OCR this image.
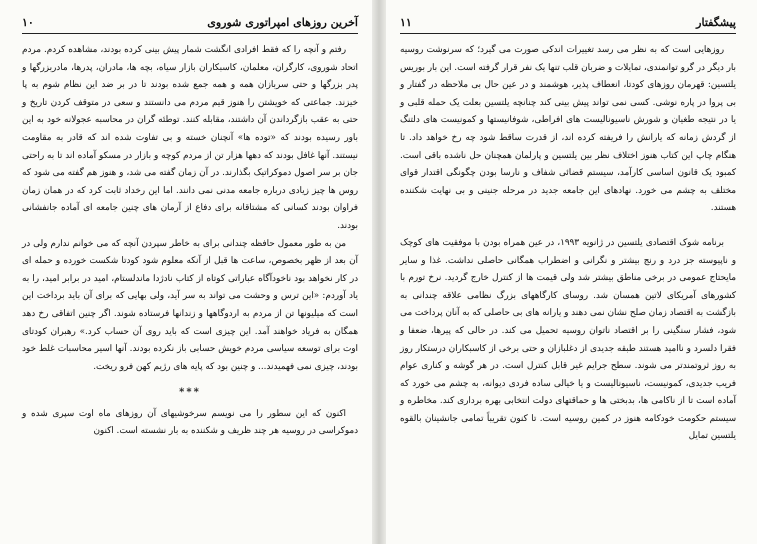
آخرین روزهای امپراتوری شوروی
۱۰

رفتم و آنچه را که فقط افرادی انگشت شمار پیش بینی کرده بودند، مشاهده کردم. مردم اتحاد شوروی، کارگران، معلمان، کاسبکاران بازار سیاه، بچه ها، مادران، پدرها، مادربزرگها و پدر بزرگها و حتی سربازان همه و همه جمع شده بودند تا در بر ضد این نظام شوم به پا خیزند. جماعتی که خویشتن را هنوز قیم مردم می دانستند و سعی در متوقف کردن تاریخ و حتی به عقب بازگرداندن آن داشتند، مقابله کنند. توطئه گران در محاسبه عجولانه خود به این باور رسیده بودند که «توده ها» آنچنان خسته و بی تفاوت شده اند که قادر به مقاومت نیستند. آنها غافل بودند که دهها هزار تن از مردم کوچه و بازار در مسکو آماده اند تا به راحتی جان بر سر اصول دموکراتیک بگذارند. در آن زمان گفته می شد، و هنوز هم گفته می شود که روس ها چیز زیادی درباره جامعه مدنی نمی دانند. اما این رخداد ثابت کرد که در همان زمان فراوان بودند کسانی که مشتاقانه برای دفاع از آرمان های چنین جامعه ای آماده جانفشانی بودند.

من به طور معمول حافظه چندانی برای به خاطر سپردن آنچه که می خوانم ندارم ولی در آن بعد از ظهر بخصوص، ساعت ها قبل از آنکه معلوم شود کودتا شکست خورده و حمله ای در کار نخواهد بود ناخودآگاه عباراتی کوتاه از کتاب نادژدا ماندلستام، امید در برابر امید، را به یاد آوردم: «این ترس و وحشت می تواند به سر آید، ولی بهایی که برای آن باید برداخت این است که میلیونها تن از مردم به اردوگاهها و زندانها فرستاده شوند. اگر چنین اتفاقی رخ دهد همگان به فریاد خواهند آمد. این چیزی است که باید روی آن حساب کرد.» رهبران کودتای اوت برای توسعه سیاسی مردم خویش حسابی باز نکرده بودند. آنها اسیر محاسبات غلط خود بودند، چیزی نمی فهمیدند... و چنین بود که پایه های رژیم کهن فرو ریخت.

***

اکنون که این سطور را می نویسم سرخوشیهای آن روزهای ماه اوت سپری شده و دموکراسی در روسیه هر چند ظریف و شکننده به بار نشسته است. اکنون

پیشگفتار
۱۱

روزهایی است که به نظر می رسد تغییرات اندکی صورت می گیرد؛ که سرنوشت روسیه بار دیگر در گرو توانمندی، تمایلات و ضربان قلب تنها یک نفر قرار گرفته است. این بار بوریس یلتسین: قهرمان روزهای کودتا، انعطاف پذیر، هوشمند و در عین حال بی ملاحظه در گفتار و بی پروا در پاره نوشی. کسی نمی تواند پیش بینی کند چنانچه یلتسین بعلت یک حمله قلبی و یا در نتیجه طغیان و شورش ناسیونالیست های افراطی، شوفانیستها و کمونیست های دلتنگ از گردش زمانه که یارانش را فریفته کرده اند، از قدرت ساقط شود چه رخ خواهد داد. تا هنگام چاپ این کتاب هنوز اختلاف نظر بین یلتسین و پارلمان همچنان حل ناشده باقی است. کمبود یک قانون اساسی کارآمد، سیستم قضائی شفاف و نارسا بودن چگونگی اقتدار قوای مختلف به چشم می خورد. نهادهای این جامعه جدید در مرحله جنینی و بی نهایت شکننده هستند.

برنامه شوک اقتصادی یلتسین در ژانویه ۱۹۹۳، در عین همراه بودن با موفقیت های کوچک و ناپیوسته جز درد و رنج بیشتر و نگرانی و اضطراب همگانی حاصلی نداشت. غذا و سایر مایحتاج عمومی در برخی مناطق بیشتر شد ولی قیمت ها از کنترل خارج گردید. نرخ تورم با کشورهای آمریکای لاتین همسان شد. روسای کارگاههای بزرگ نظامی علاقه چندانی به بازگشت به اقتصاد زمان صلح نشان نمی دهند و یارانه های بی حاصلی که به آنان پرداخت می شود، فشار سنگینی را بر اقتصاد ناتوان روسیه تحمیل می کند. در حالی که پیرها، ضعفا و فقرا دلسرد و ناامید هستند طبقه جدیدی از دغلبازان و حتی برخی از کاسبکاران درستکار روز به روز ثروتمندتر می شوند. سطح جرایم غیر قابل کنترل است. در هر گوشه و کناری عوام فریب جدیدی، کمونیست، ناسیونالیست و یا خیالی ساده فردی دیوانه، به چشم می خورد که آماده است تا از ناکامی ها، بدبختی ها و حماقتهای دولت انتخابی بهره برداری کند. مخاطره و سیستم حکومت خودکامه هنوز در کمین روسیه است. تا کنون تقریباً تمامی جانشینان بالقوه یلتسین تمایل
